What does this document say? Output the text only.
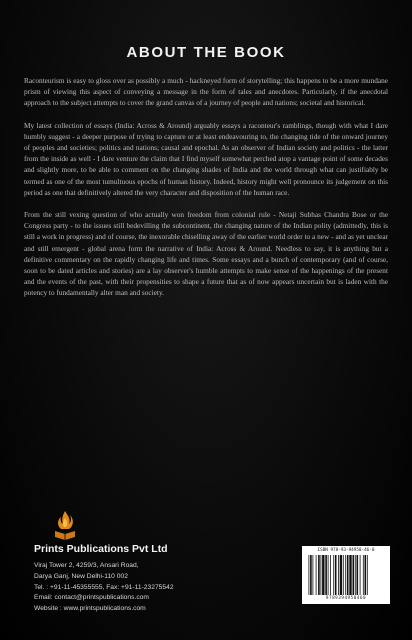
ABOUT THE BOOK

Raconteurism is easy to gloss over as possibly a much - hackneyed form of storytelling; this happens to be a more mundane prism of viewing this aspect of conveying a message in the form of tales and anecdotes. Particularly, if the anecdotal approach to the subject attempts to cover the grand canvas of a journey of people and nations; societal and historical.

My latest collection of essays (India: Across & Around) arguably essays a raconteur's ramblings, though with what I dare humbly suggest - a deeper purpose of trying to capture or at least endeavouring to, the changing tide of the onward journey of peoples and societies; politics and nations; causal and epochal. As an observer of Indian society and politics - the latter from the inside as well - I dare venture the claim that I find myself somewhat perched atop a vantage point of some decades and slightly more, to be able to comment on the changing shades of India and the world through what can justifiably be termed as one of the most tumultuous epochs of human history. Indeed, history might well pronounce its judgement on this period as one that definitively altered the very character and disposition of the human race.

From the still vexing question of who actually won freedom from colonial rule - Netaji Subhas Chandra Bose or the Congress party - to the issues still bedevilling the subcontinent, the changing nature of the Indian polity (admittedly, this is still a work in progress) and of course, the inexorable chiselling away of the earlier world order to a new - and as yet unclear and still emergent - global arena form the narrative of India: Across & Around. Needless to say, it is anything but a definitive commentary on the rapidly changing life and times. Some essays and a bunch of contemporary (and of course, soon to be dated articles and stories) are a lay observer's humble attempts to make sense of the happenings of the present and the events of the past, with their propensities to shape a future that as of now appears uncertain but is laden with the potency to fundamentally alter man and society.

Prints Publications Pvt Ltd
Viraj Tower 2, 4259/3, Ansari Road,
Darya Ganj, New Delhi-110 002
Tel. : +91-11-45355555, Fax: +91-11-23275542
Email: contact@printspublications.com
Website : www.printspublications.com
ISBN 978-93-94950-46-0
9789394950460
